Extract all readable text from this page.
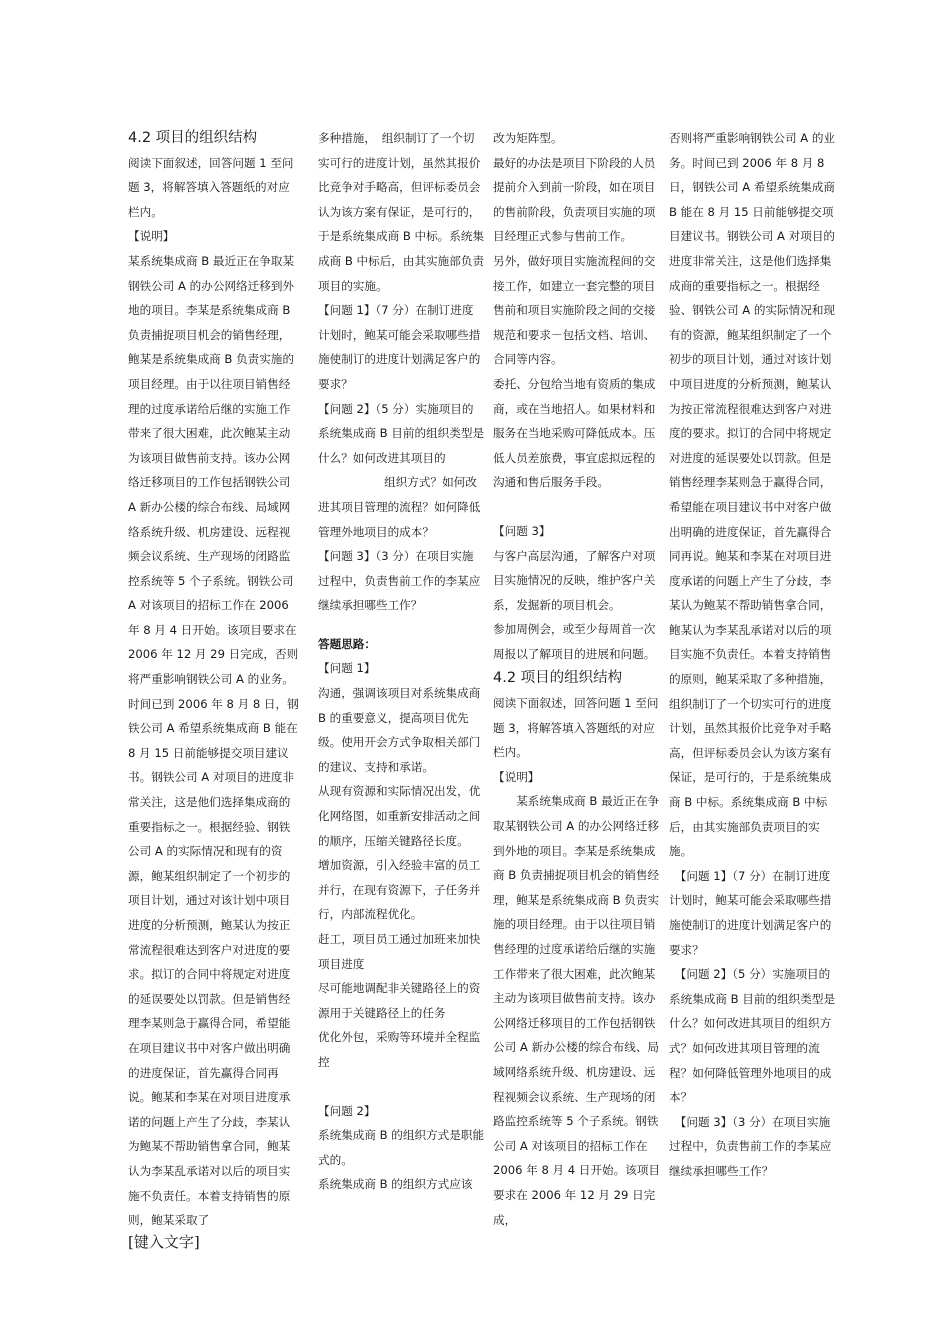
4.2 项目的组织结构

阅读下面叙述，回答问题 1 至问题 3，将解答填入答题纸的对应栏内。

【说明】

某系统集成商 B 最近正在争取某钢铁公司 A 的办公网络迁移到外地的项目。李某是系统集成商 B 负责捕捉项目机会的销售经理，鲍某是系统集成商 B 负责实施的项目经理。由于以往项目销售经理的过度承诺给后继的实施工作带来了很大困难，此次鲍某主动为该项目做售前支持。该办公网络迁移项目的工作包括钢铁公司 A 新办公楼的综合布线、局域网络系统升级、机房建设、远程视频会议系统、生产现场的闭路监控系统等 5 个子系统。钢铁公司 A 对该项目的招标工作在 2006 年 8 月 4 日开始。该项目要求在 2006 年 12 月 29 日完成，否则将严重影响钢铁公司 A 的业务。时间已到 2006 年 8 月 8 日，钢铁公司 A 希望系统集成商 B 能在 8 月 15 日前能够提交项目建议书。钢铁公司 A 对项目的进度非常关注，这是他们选择集成商的重要指标之一。根据经验、钢铁公司 A 的实际情况和现有的资源，鲍某组织制定了一个初步的项目计划，通过对该计划中项目进度的分析预测，鲍某认为按正常流程很难达到客户对进度的要求。拟订的合同中将规定对进度的延误要处以罚款。但是销售经理李某则急于赢得合同，希望能在项目建议书中对客户做出明确的进度保证，首先赢得合同再说。鲍某和李某在对项目进度承诺的问题上产生了分歧，李某认为鲍某不帮助销售拿合同，鲍某认为李某乱承诺对以后的项目实施不负责任。本着支持销售的原则，鲍某采取了

多种措施，　组织制订了一个切实可行的进度计划，虽然其报价比竞争对手略高，但评标委员会认为该方案有保证，是可行的，于是系统集成商 B 中标。系统集成商 B 中标后，由其实施部负责项目的实施。

【问题 1】（7 分）在制订进度计划时，鲍某可能会采取哪些措施使制订的进度计划满足客户的要求？

【问题 2】（5 分）实施项目的系统集成商 B 目前的组织类型是什么？如何改进其项目的

组织方式？如何改进其项目管理的流程？如何降低管理外地项目的成本？

【问题 3】（3 分）在项目实施过程中，负责售前工作的李某应继续承担哪些工作？

答题思路：

【问题 1】

沟通，强调该项目对系统集成商 B 的重要意义，提高项目优先级。使用开会方式争取相关部门的建议、支持和承诺。

从现有资源和实际情况出发，优化网络图，如重新安排活动之间的顺序，压缩关键路径长度。

增加资源，引入经验丰富的员工并行，在现有资源下，子任务并行，内部流程优化。

赶工，项目员工通过加班来加快项目进度

尽可能地调配非关键路径上的资源用于关键路径上的任务

优化外包，采购等环境并全程监控

【问题 2】

系统集成商 B 的组织方式是职能式的。

系统集成商 B 的组织方式应该

改为矩阵型。

最好的办法是项目下阶段的人员提前介入到前一阶段，如在项目的售前阶段，负责项目实施的项目经理正式参与售前工作。

另外，做好项目实施流程间的交接工作，如建立一套完整的项目售前和项目实施阶段之间的交接规范和要求－包括文档、培训、合同等内容。

委托、分包给当地有资质的集成商，或在当地招人。如果材料和服务在当地采购可降低成本。压低人员差旅费，事宜虑拟远程的沟通和售后服务手段。

【问题 3】

与客户高层沟通，了解客户对项目实施情况的反映，维护客户关系，发掘新的项目机会。

参加周例会，或至少每周首一次周报以了解项目的进展和问题。

4.2 项目的组织结构

阅读下面叙述，回答问题 1 至问题 3，将解答填入答题纸的对应栏内。

【说明】

　　某系统集成商 B 最近正在争取某钢铁公司 A 的办公网络迁移到外地的项目。李某是系统集成商 B 负责捕捉项目机会的销售经理，鲍某是系统集成商 B 负责实施的项目经理。由于以往项目销售经理的过度承诺给后继的实施工作带来了很大困难，此次鲍某主动为该项目做售前支持。该办公网络迁移项目的工作包括钢铁公司 A 新办公楼的综合布线、局域网络系统升级、机房建设、远程视频会议系统、生产现场的闭路监控系统等 5 个子系统。钢铁公司 A 对该项目的招标工作在 2006 年 8 月 4 日开始。该项目要求在 2006 年 12 月 29 日完成，

否则将严重影响钢铁公司 A 的业务。时间已到 2006 年 8 月 8 日，钢铁公司 A 希望系统集成商 B 能在 8 月 15 日前能够提交项目建议书。钢铁公司 A 对项目的进度非常关注，这是他们选择集成商的重要指标之一。根据经验、钢铁公司 A 的实际情况和现有的资源，鲍某组织制定了一个初步的项目计划，通过对该计划中项目进度的分析预测，鲍某认为按正常流程很难达到客户对进度的要求。拟订的合同中将规定对进度的延误要处以罚款。但是销售经理李某则急于赢得合同，希望能在项目建议书中对客户做出明确的进度保证，首先赢得合同再说。鲍某和李某在对项目进度承诺的问题上产生了分歧，李某认为鲍某不帮助销售拿合同，鲍某认为李某乱承诺对以后的项目实施不负责任。本着支持销售的原则，鲍某采取了多种措施，　组织制订了一个切实可行的进度计划，虽然其报价比竞争对手略高，但评标委员会认为该方案有保证，是可行的，于是系统集成商 B 中标。系统集成商 B 中标后，由其实施部负责项目的实施。

　【问题 1】（7 分）在制订进度计划时，鲍某可能会采取哪些措施使制订的进度计划满足客户的要求？

　【问题 2】（5 分）实施项目的系统集成商 B 目前的组织类型是什么？如何改进其项目的组织方式？如何改进其项目管理的流程？如何降低管理外地项目的成本？

　【问题 3】（3 分）在项目实施过程中，负责售前工作的李某应继续承担哪些工作？

[键入文字]
